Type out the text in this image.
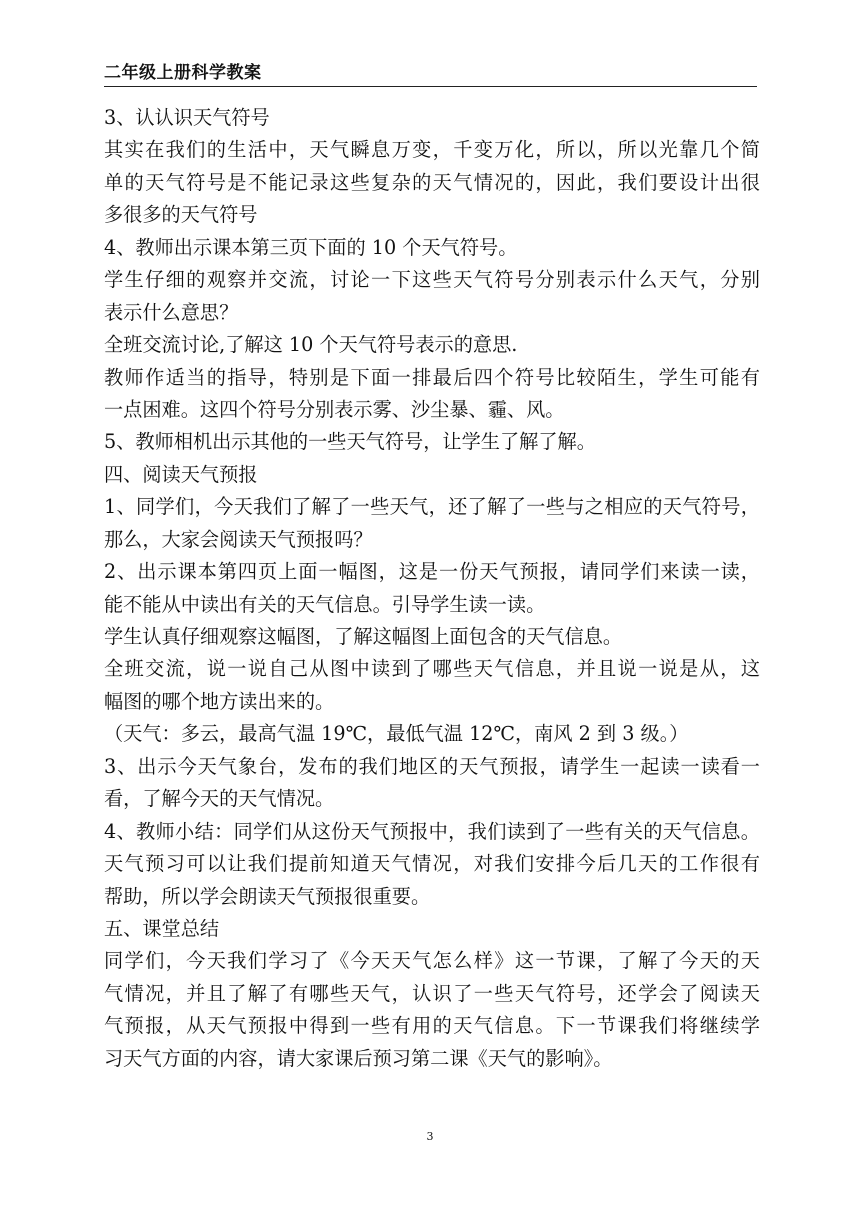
二年级上册科学教案
3、认认识天气符号
其实在我们的生活中，天气瞬息万变，千变万化，所以，所以光靠几个简
单的天气符号是不能记录这些复杂的天气情况的，因此，我们要设计出很
多很多的天气符号
4、教师出示课本第三页下面的 10 个天气符号。
学生仔细的观察并交流，讨论一下这些天气符号分别表示什么天气，分别
表示什么意思？
全班交流讨论,了解这 10 个天气符号表示的意思.
教师作适当的指导，特别是下面一排最后四个符号比较陌生，学生可能有
一点困难。这四个符号分别表示雾、沙尘暴、霾、风。
5、教师相机出示其他的一些天气符号，让学生了解了解。
四、阅读天气预报
1、同学们，今天我们了解了一些天气，还了解了一些与之相应的天气符号，
那么，大家会阅读天气预报吗？
2、出示课本第四页上面一幅图，这是一份天气预报，请同学们来读一读，
能不能从中读出有关的天气信息。引导学生读一读。
学生认真仔细观察这幅图，了解这幅图上面包含的天气信息。
全班交流，说一说自己从图中读到了哪些天气信息，并且说一说是从，这
幅图的哪个地方读出来的。
（天气：多云，最高气温 19℃，最低气温 12℃，南风 2 到 3 级。）
3、出示今天气象台，发布的我们地区的天气预报，请学生一起读一读看一
看，了解今天的天气情况。
4、教师小结：同学们从这份天气预报中，我们读到了一些有关的天气信息。
天气预习可以让我们提前知道天气情况，对我们安排今后几天的工作很有
帮助，所以学会朗读天气预报很重要。
五、课堂总结
同学们，今天我们学习了《今天天气怎么样》这一节课，了解了今天的天
气情况，并且了解了有哪些天气，认识了一些天气符号，还学会了阅读天
气预报，从天气预报中得到一些有用的天气信息。下一节课我们将继续学
习天气方面的内容，请大家课后预习第二课《天气的影响》。
3
